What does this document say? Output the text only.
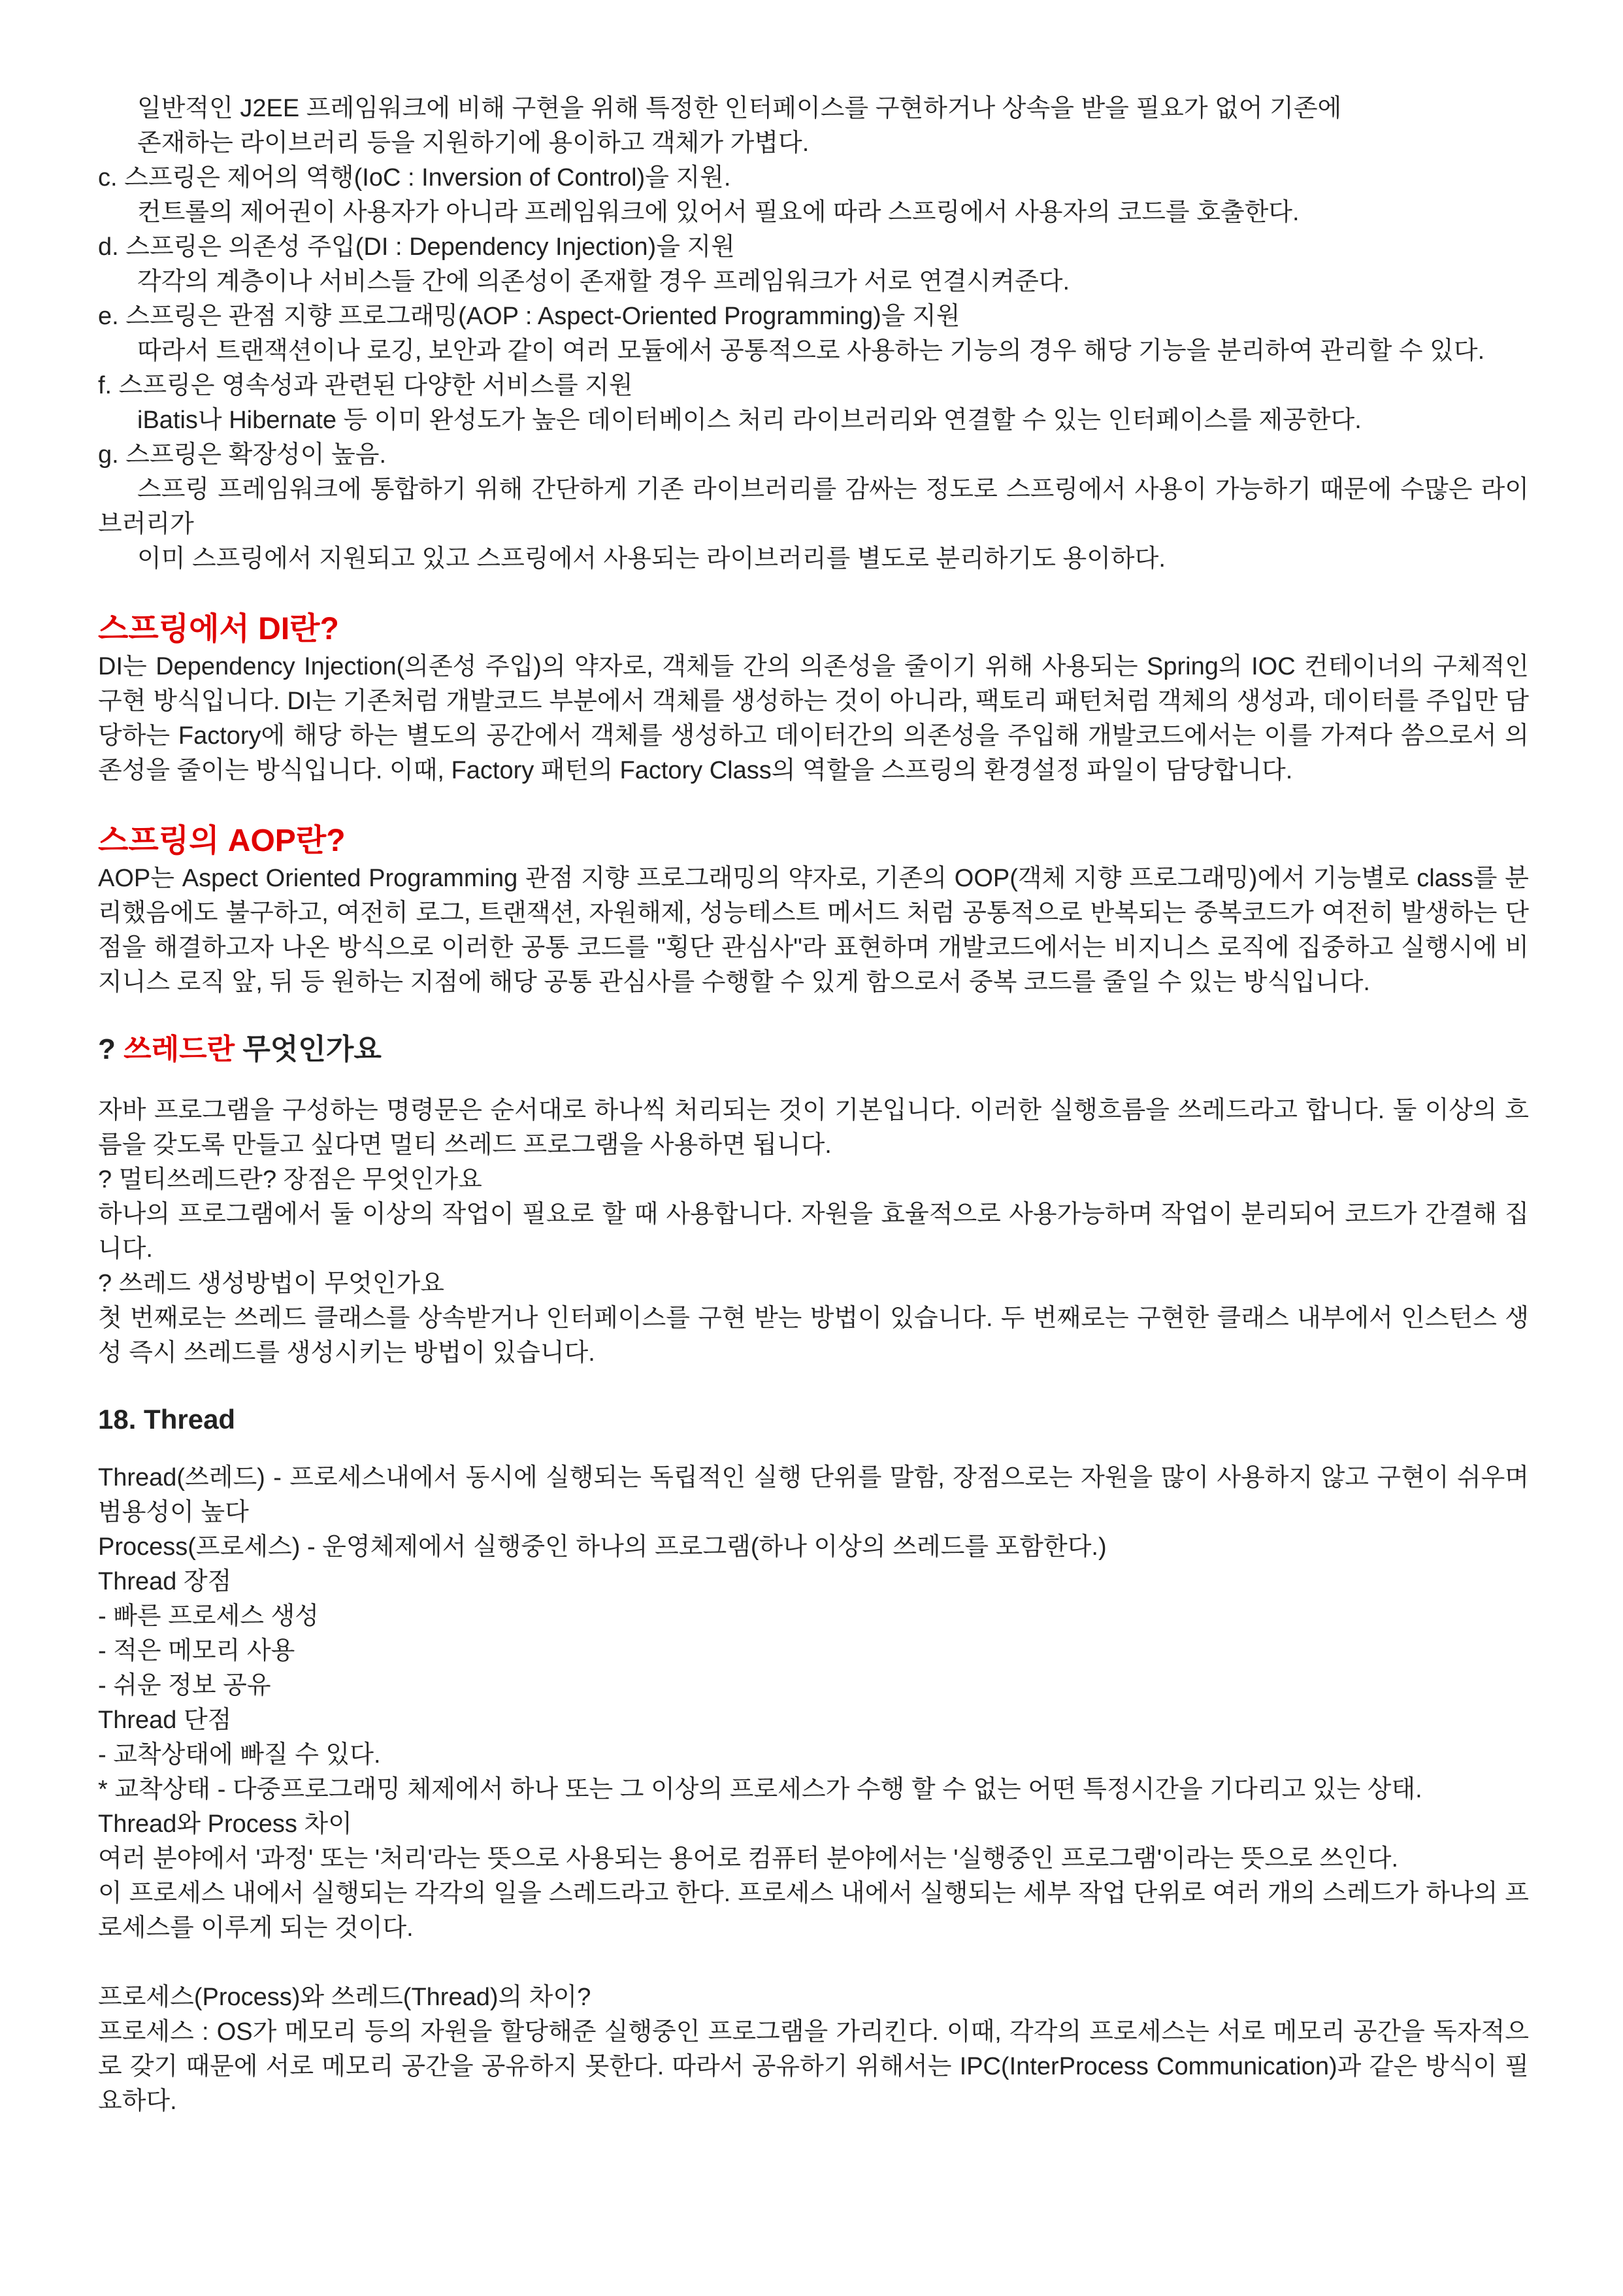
일반적인 J2EE 프레임워크에 비해 구현을 위해 특정한 인터페이스를 구현하거나 상속을 받을 필요가 없어 기존에

존재하는 라이브러리 등을 지원하기에 용이하고 객체가 가볍다.

c. 스프링은 제어의 역행(IoC : Inversion of Control)을 지원.

컨트롤의 제어권이 사용자가 아니라 프레임워크에 있어서 필요에 따라 스프링에서 사용자의 코드를 호출한다.

d. 스프링은 의존성 주입(DI : Dependency Injection)을 지원

각각의 계층이나 서비스들 간에 의존성이 존재할 경우 프레임워크가 서로 연결시켜준다.

e. 스프링은 관점 지향 프로그래밍(AOP : Aspect-Oriented Programming)을 지원

따라서 트랜잭션이나 로깅, 보안과 같이 여러 모듈에서 공통적으로 사용하는 기능의 경우 해당 기능을 분리하여 관리할 수 있다.

f. 스프링은 영속성과 관련된 다양한 서비스를 지원

iBatis나 Hibernate 등 이미 완성도가 높은 데이터베이스 처리 라이브러리와 연결할 수 있는 인터페이스를 제공한다.

g. 스프링은 확장성이 높음.

스프링 프레임워크에 통합하기 위해 간단하게 기존 라이브러리를 감싸는 정도로 스프링에서 사용이 가능하기 때문에 수많은 라이브러리가

이미 스프링에서 지원되고 있고 스프링에서 사용되는 라이브러리를 별도로 분리하기도 용이하다.

스프링에서 DI란?

DI는 Dependency Injection(의존성 주입)의 약자로, 객체들 간의 의존성을 줄이기 위해 사용되는 Spring의 IOC 컨테이너의 구체적인 구현 방식입니다. DI는 기존처럼 개발코드 부분에서 객체를 생성하는 것이 아니라, 팩토리 패턴처럼 객체의 생성과, 데이터를 주입만 담당하는 Factory에 해당 하는 별도의 공간에서 객체를 생성하고 데이터간의 의존성을 주입해 개발코드에서는 이를 가져다 씀으로서 의존성을 줄이는 방식입니다. 이때, Factory 패턴의 Factory Class의 역할을 스프링의 환경설정 파일이 담당합니다.

스프링의 AOP란?

AOP는 Aspect Oriented Programming 관점 지향 프로그래밍의 약자로, 기존의 OOP(객체 지향 프로그래밍)에서 기능별로 class를 분리했음에도 불구하고, 여전히 로그, 트랜잭션, 자원해제, 성능테스트 메서드 처럼 공통적으로 반복되는 중복코드가 여전히 발생하는 단점을 해결하고자 나온 방식으로 이러한 공통 코드를 "횡단 관심사"라 표현하며 개발코드에서는 비지니스 로직에 집중하고 실행시에 비지니스 로직 앞, 뒤 등 원하는 지점에 해당 공통 관심사를 수행할 수 있게 함으로서 중복 코드를 줄일 수 있는 방식입니다.

? 쓰레드란 무엇인가요

자바 프로그램을 구성하는 명령문은 순서대로 하나씩 처리되는 것이 기본입니다. 이러한 실행흐름을 쓰레드라고 합니다. 둘 이상의 흐름을 갖도록 만들고 싶다면 멀티 쓰레드 프로그램을 사용하면 됩니다.

? 멀티쓰레드란? 장점은 무엇인가요

하나의 프로그램에서 둘 이상의 작업이 필요로 할 때 사용합니다. 자원을 효율적으로 사용가능하며 작업이 분리되어 코드가 간결해 집니다.

? 쓰레드 생성방법이 무엇인가요

첫 번째로는 쓰레드 클래스를 상속받거나 인터페이스를 구현 받는 방법이 있습니다. 두 번째로는 구현한 클래스 내부에서 인스턴스 생성 즉시 쓰레드를 생성시키는 방법이 있습니다.

18. Thread

Thread(쓰레드) - 프로세스내에서 동시에 실행되는 독립적인 실행 단위를 말함, 장점으로는 자원을 많이 사용하지 않고 구현이 쉬우며 범용성이 높다

Process(프로세스) - 운영체제에서 실행중인 하나의 프로그램(하나 이상의 쓰레드를 포함한다.)

Thread 장점

- 빠른 프로세스 생성

- 적은 메모리 사용

- 쉬운 정보 공유

Thread 단점

- 교착상태에 빠질 수 있다.

* 교착상태 - 다중프로그래밍 체제에서 하나 또는 그 이상의 프로세스가 수행 할 수 없는 어떤 특정시간을 기다리고 있는 상태.

Thread와 Process 차이

여러 분야에서 '과정' 또는 '처리'라는 뜻으로 사용되는 용어로 컴퓨터 분야에서는 '실행중인 프로그램'이라는 뜻으로 쓰인다.

이 프로세스 내에서 실행되는 각각의 일을 스레드라고 한다. 프로세스 내에서 실행되는 세부 작업 단위로 여러 개의 스레드가 하나의 프로세스를 이루게 되는 것이다.

프로세스(Process)와 쓰레드(Thread)의 차이?

프로세스 : OS가 메모리 등의 자원을 할당해준 실행중인 프로그램을 가리킨다. 이때, 각각의 프로세스는 서로 메모리 공간을 독자적으로 갖기 때문에 서로 메모리 공간을 공유하지 못한다. 따라서 공유하기 위해서는 IPC(InterProcess Communication)과 같은 방식이 필요하다.
